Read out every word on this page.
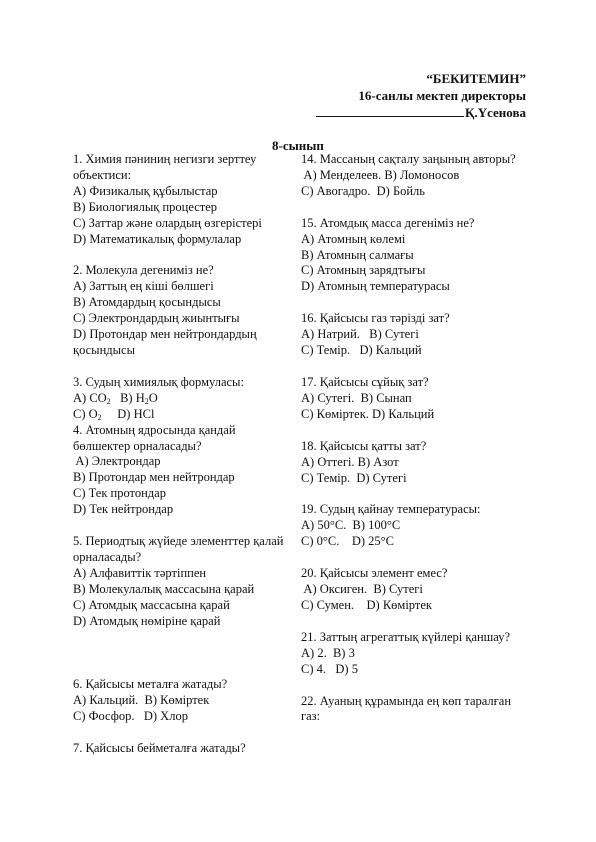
“БЕКИТЕМИН”
16-санлы мектеп директоры
Қ.Үсенова
8-сынып
1. Химия пәниниң негизги зерттеу объектиси:
A) Физикалық құбылыстар
B) Биологиялық процестер
C) Заттар және олардың өзгерістері
D) Математикалық формулалар
2. Молекула дегениміз не?
A) Заттың ең кіші бөлшегі
B) Атомдардың қосындысы
C) Электрондардың жиынтығы
D) Протондар мен нейтрондардың қосындысы
3. Судың химиялық формуласы:
A) $CO_2$ B) $H_2O$
C) $O_2$ D) HCl
4. Атомның ядросында қандай бөлшектер орналасады?
A) Электрондар
B) Протондар мен нейтрондар
C) Тек протондар
D) Тек нейтрондар
5. Периодтық жүйеде элементтер қалай орналасады?
A) Алфавиттік тәртіппен
B) Молекулалық массасына қарай
C) Атомдық массасына қарай
D) Атомдық нөміріне қарай
6. Қайсысы металға жатады?
A) Кальций.  B) Көміртек
C) Фосфор.   D) Хлор
7. Қайсысы бейметалға жатады?
14. Массаның сақталу заңының авторы?
A) Менделеев. B) Ломоносов
C) Авогадро.  D) Бойль
15. Атомдық масса дегеніміз не?
A) Атомның көлемі
B) Атомның салмағы
C) Атомның зарядтығы
D) Атомның температурасы
16. Қайсысы газ тәрізді зат?
A) Натрий.   B) Сутегі
C) Темір.   D) Кальций
17. Қайсысы сұйық зат?
A) Сутегі.  B) Сынап
C) Көміртек. D) Кальций
18. Қайсысы қатты зат?
A) Оттегі. B) Азот
C) Темір.  D) Сутегі
19. Судың қайнау температурасы:
A) 50°C.  B) 100°C
C) 0°C.    D) 25°C
20. Қайсысы элемент емес?
A) Оксиген.  B) Сутегі
C) Сумен.    D) Көміртек
21. Заттың агрегаттық күйлері қаншау?
A) 2.  B) 3
C) 4.   D) 5
22. Ауаның құрамында ең көп таралған газ:
